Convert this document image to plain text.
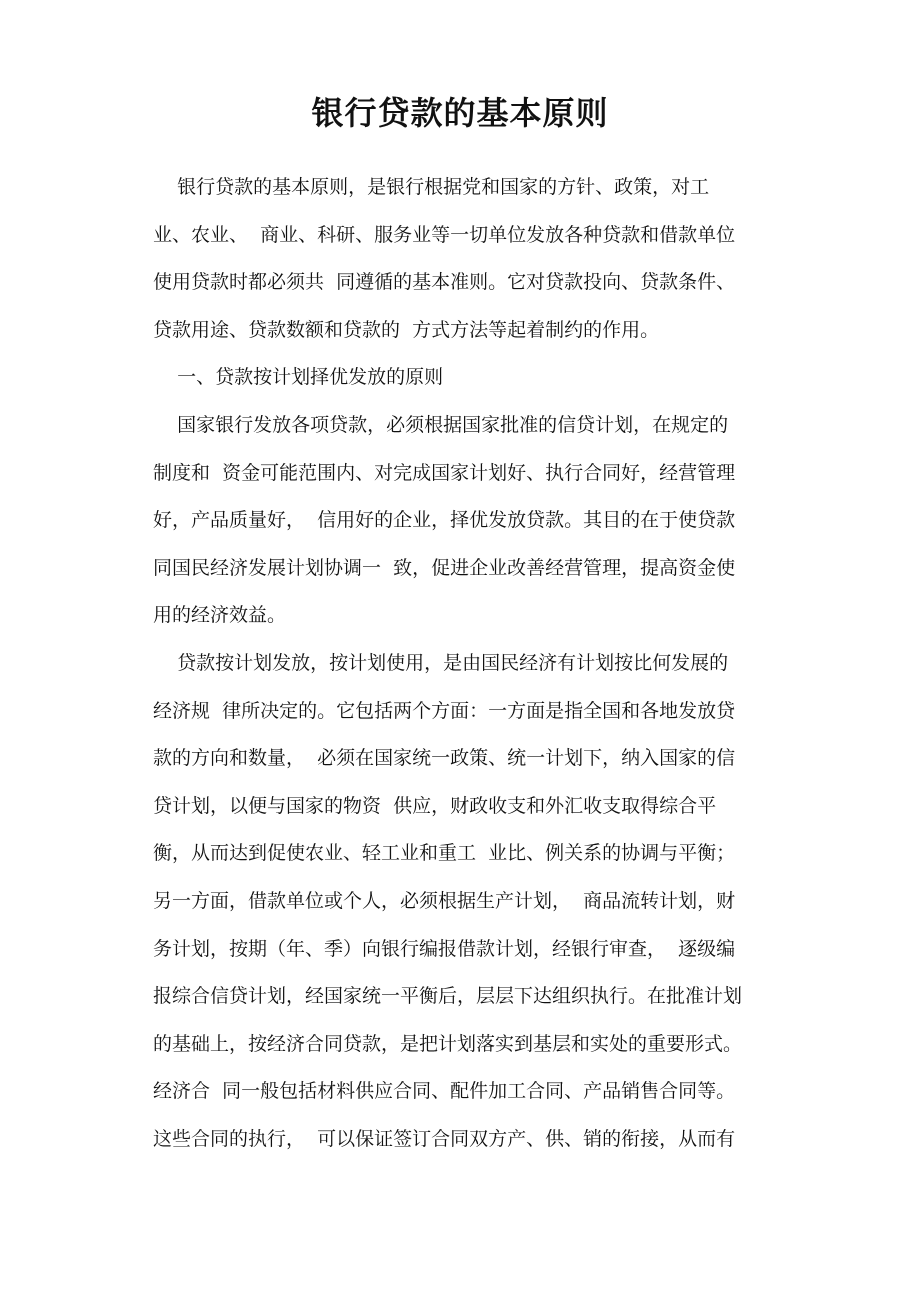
银行贷款的基本原则
银行贷款的基本原则，是银行根据党和国家的方针、政策，对工
业、农业、  商业、科研、服务业等一切单位发放各种贷款和借款单位
使用贷款时都必须共  同遵循的基本准则。它对贷款投向、贷款条件、
贷款用途、贷款数额和贷款的  方式方法等起着制约的作用。
一、贷款按计划择优发放的原则
国家银行发放各项贷款，必须根据国家批准的信贷计划，在规定的
制度和  资金可能范围内、对完成国家计划好、执行合同好，经营管理
好，产品质量好，  信用好的企业，择优发放贷款。其目的在于使贷款
同国民经济发展计划协调一  致，促进企业改善经营管理，提高资金使
用的经济效益。
贷款按计划发放，按计划使用，是由国民经济有计划按比何发展的
经济规  律所决定的。它包括两个方面：一方面是指全国和各地发放贷
款的方向和数量，  必须在国家统一政策、统一计划下，纳入国家的信
贷计划，以便与国家的物资  供应，财政收支和外汇收支取得综合平
衡，从而达到促使农业、轻工业和重工  业比、例关系的协调与平衡；
另一方面，借款单位或个人，必须根据生产计划，  商品流转计划，财
务计划，按期（年、季）向银行编报借款计划，经银行审查，  逐级编
报综合信贷计划，经国家统一平衡后，层层下达组织执行。在批准计划
的基础上，按经济合同贷款，是把计划落实到基层和实处的重要形式。
经济合  同一般包括材料供应合同、配件加工合同、产品销售合同等。
这些合同的执行，  可以保证签订合同双方产、供、销的衔接，从而有
